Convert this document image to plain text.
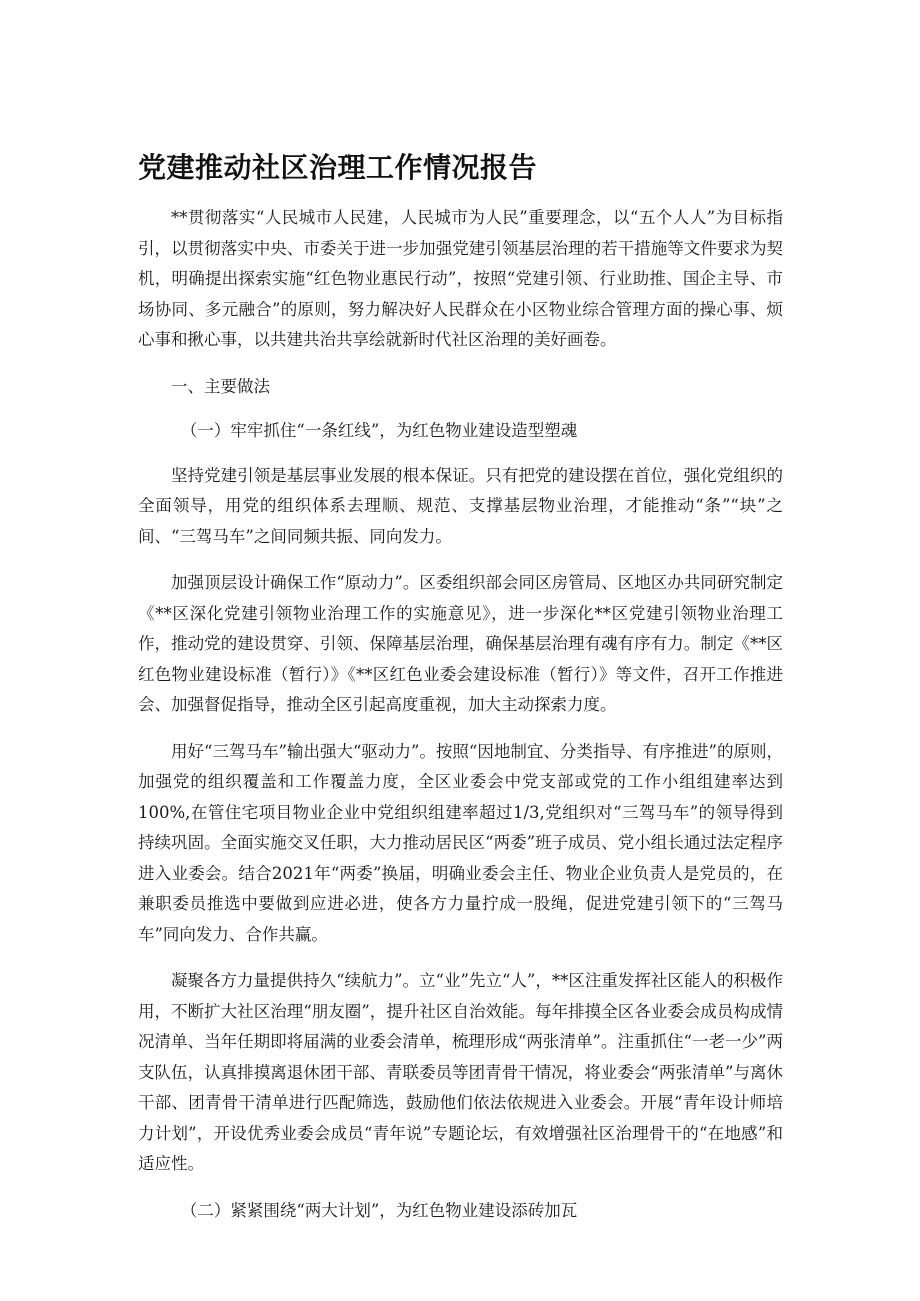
党建推动社区治理工作情况报告

**贯彻落实“人民城市人民建，人民城市为人民”重要理念，以“五个人人”为目标指引，以贯彻落实中央、市委关于进一步加强党建引领基层治理的若干措施等文件要求为契机，明确提出探索实施“红色物业惠民行动”，按照“党建引领、行业助推、国企主导、市场协同、多元融合”的原则，努力解决好人民群众在小区物业综合管理方面的操心事、烦心事和揪心事，以共建共治共享绘就新时代社区治理的美好画卷。

一、主要做法

（一）牢牢抓住“一条红线”，为红色物业建设造型塑魂

坚持党建引领是基层事业发展的根本保证。只有把党的建设摆在首位，强化党组织的全面领导，用党的组织体系去理顺、规范、支撑基层物业治理，才能推动“条”“块”之间、“三驾马车”之间同频共振、同向发力。

加强顶层设计确保工作“原动力”。区委组织部会同区房管局、区地区办共同研究制定《**区深化党建引领物业治理工作的实施意见》，进一步深化**区党建引领物业治理工作，推动党的建设贯穿、引领、保障基层治理，确保基层治理有魂有序有力。制定《**区红色物业建设标准（暂行）》《**区红色业委会建设标准（暂行）》等文件，召开工作推进会、加强督促指导，推动全区引起高度重视，加大主动探索力度。

用好“三驾马车”输出强大“驱动力”。按照“因地制宜、分类指导、有序推进”的原则，加强党的组织覆盖和工作覆盖力度，全区业委会中党支部或党的工作小组组建率达到100%,在管住宅项目物业企业中党组织组建率超过1/3,党组织对“三驾马车”的领导得到持续巩固。全面实施交叉任职，大力推动居民区“两委”班子成员、党小组长通过法定程序进入业委会。结合2021年“两委”换届，明确业委会主任、物业企业负责人是党员的，在兼职委员推选中要做到应进必进，使各方力量拧成一股绳，促进党建引领下的“三驾马车”同向发力、合作共赢。

凝聚各方力量提供持久“续航力”。立“业”先立“人”，**区注重发挥社区能人的积极作用，不断扩大社区治理“朋友圈”，提升社区自治效能。每年排摸全区各业委会成员构成情况清单、当年任期即将届满的业委会清单，梳理形成“两张清单”。注重抓住“一老一少”两支队伍，认真排摸离退休团干部、青联委员等团青骨干情况，将业委会“两张清单”与离休干部、团青骨干清单进行匹配筛选，鼓励他们依法依规进入业委会。开展“青年设计师培力计划”，开设优秀业委会成员“青年说”专题论坛，有效增强社区治理骨干的“在地感”和适应性。

（二）紧紧围绕“两大计划”，为红色物业建设添砖加瓦
